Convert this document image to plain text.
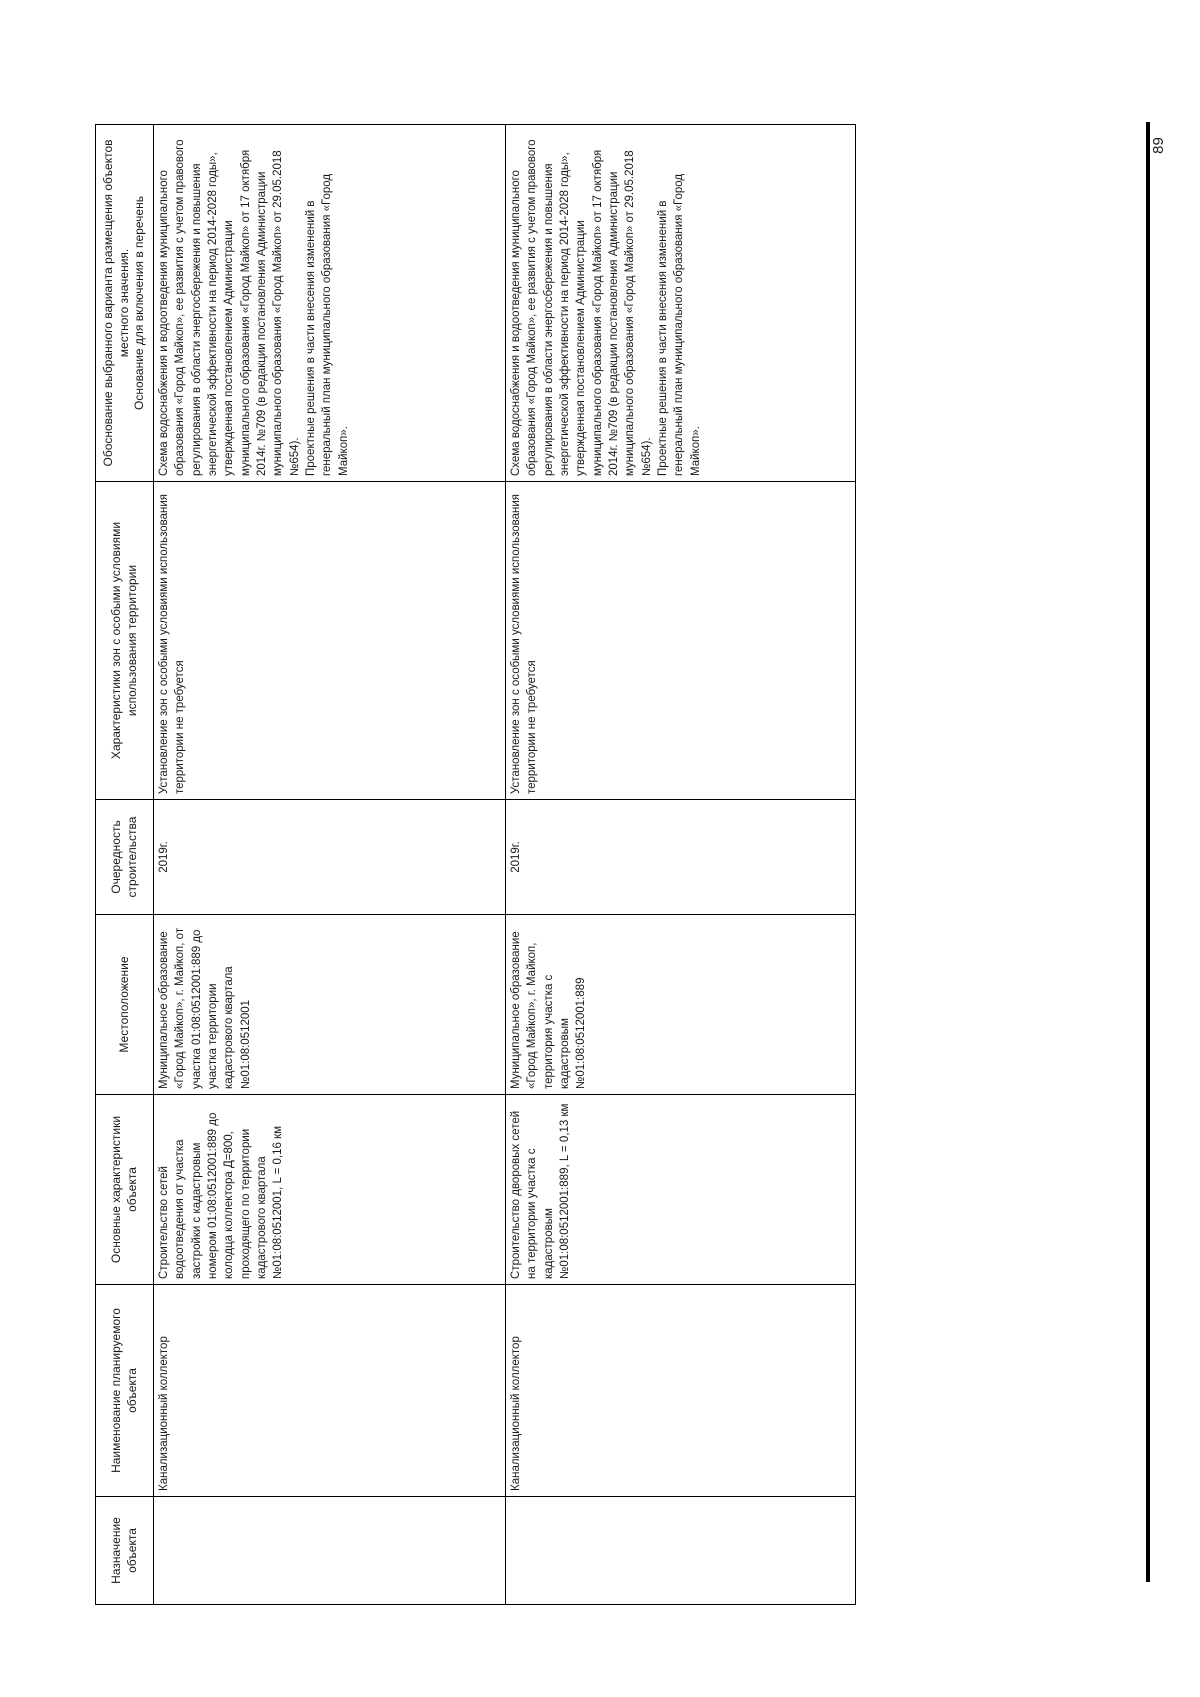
89
Назначение объекта	Наименование планируемого объекта	Основные характеристики объекта	Местоположение	Очередность строительства	Характеристики зон с особыми условиями использования территории	Обоснование выбранного варианта размещения объектов местного значения. Основание для включения в перечень
	Канализационный коллектор	Строительство сетей водоотведения от участка застройки с кадастровым номером 01:08:0512001:889 до колодца коллектора Д=800, проходящего по территории кадастрового квартала №01:08:0512001, L = 0,16 км	Муниципальное образование «Город Майкоп», г. Майкоп, от участка 01:08:0512001:889 до участка территории кадастрового квартала №01:08:0512001	2019г.	Установление зон с особыми условиями использования территории не требуется	Схема водоснабжения и водоотведения муниципального образования «Город Майкоп», ее развития с учетом правового регулирования в области энергосбережения и повышения энергетической эффективности на период 2014-2028 годы», утвержденная постановлением Администрации муниципального образования «Город Майкоп» от 17 октября 2014г. №709 (в редакции постановления Администрации муниципального образования «Город Майкоп» от 29.05.2018 №654).
Проектные решения в части внесения изменений в генеральный план муниципального образования «Город Майкоп».
	Канализационный коллектор	Строительство дворовых сетей на территории участка с кадастровым №01:08:0512001:889, L = 0,13 км	Муниципальное образование «Город Майкоп», г. Майкоп, территория участка с кадастровым №01:08:0512001:889	2019г.	Установление зон с особыми условиями использования территории не требуется	Схема водоснабжения и водоотведения муниципального образования «Город Майкоп», ее развития с учетом правового регулирования в области энергосбережения и повышения энергетической эффективности на период 2014-2028 годы», утвержденная постановлением Администрации муниципального образования «Город Майкоп» от 17 октября 2014г. №709 (в редакции постановления Администрации муниципального образования «Город Майкоп» от 29.05.2018 №654).
Проектные решения в части внесения изменений в генеральный план муниципального образования «Город Майкоп».
